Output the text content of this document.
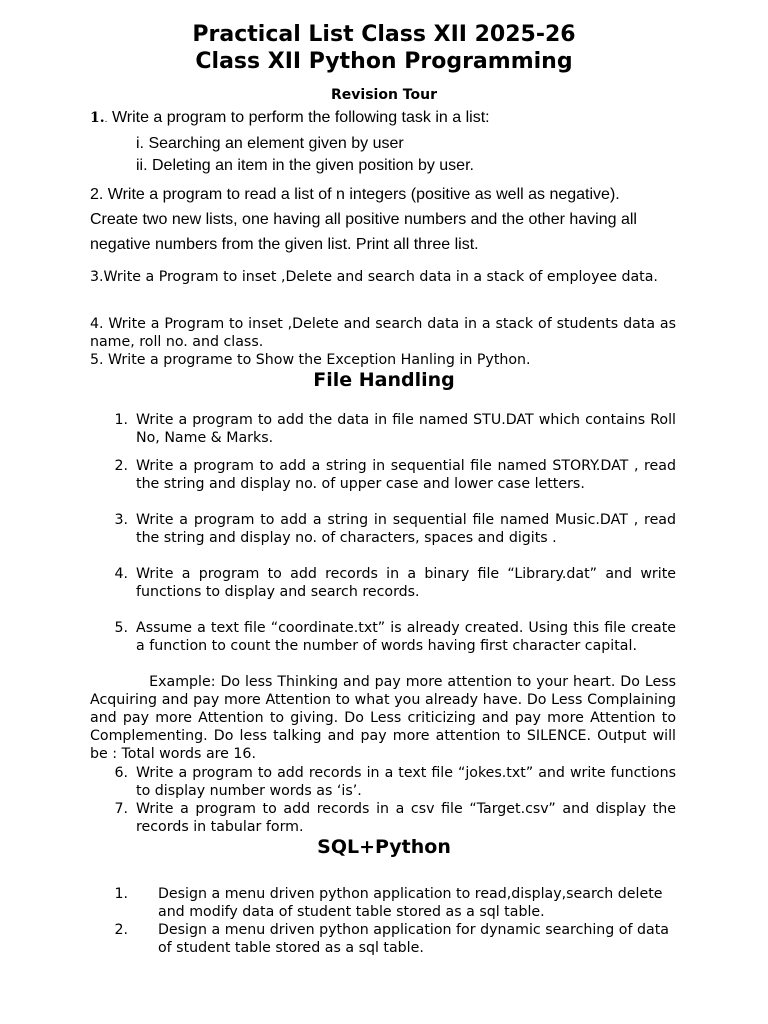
Practical List Class XII 2025-26
Class XII Python Programming
Revision Tour
1.. Write a program to perform the following task in a list:
i. Searching an element given by user
ii. Deleting an item in the given position by user.
2. Write a program to read a list of n integers (positive as well as negative).
Create two new lists, one having all positive numbers and the other having all
negative numbers from the given list. Print all three list.
3.Write a Program to inset ,Delete and search data in a stack of employee data.
4. Write a Program to inset ,Delete and search data in a stack of students data as name, roll no. and class.
5. Write a programe to Show the Exception Hanling in Python.
File Handling
1. Write a program to add the data in file named STU.DAT which contains Roll No, Name & Marks.
2. Write a program to add a string in sequential file named STORY.DAT , read the string and display no. of upper case and lower case letters.
3. Write a program to add a string in sequential file named Music.DAT , read the string and display no. of characters, spaces and digits .
4. Write a program to add records in a binary file “Library.dat” and write functions to display and search records.
5. Assume a text file “coordinate.txt” is already created. Using this file create a function to count the number of words having first character capital.
Example: Do less Thinking and pay more attention to your heart. Do Less Acquiring and pay more Attention to what you already have. Do Less Complaining and pay more Attention to giving. Do Less criticizing and pay more Attention to Complementing. Do less talking and pay more attention to SILENCE. Output will be : Total words are 16.
6. Write a program to add records in a text file “jokes.txt” and write functions to display number words as ‘is’.
7. Write a program to add records in a csv file “Target.csv” and display the records in tabular form.
SQL+Python
1. Design a menu driven python application to read,display,search delete and modify data of student table stored as a sql table.
2. Design a menu driven python application for dynamic searching of data of student table stored as a sql table.
